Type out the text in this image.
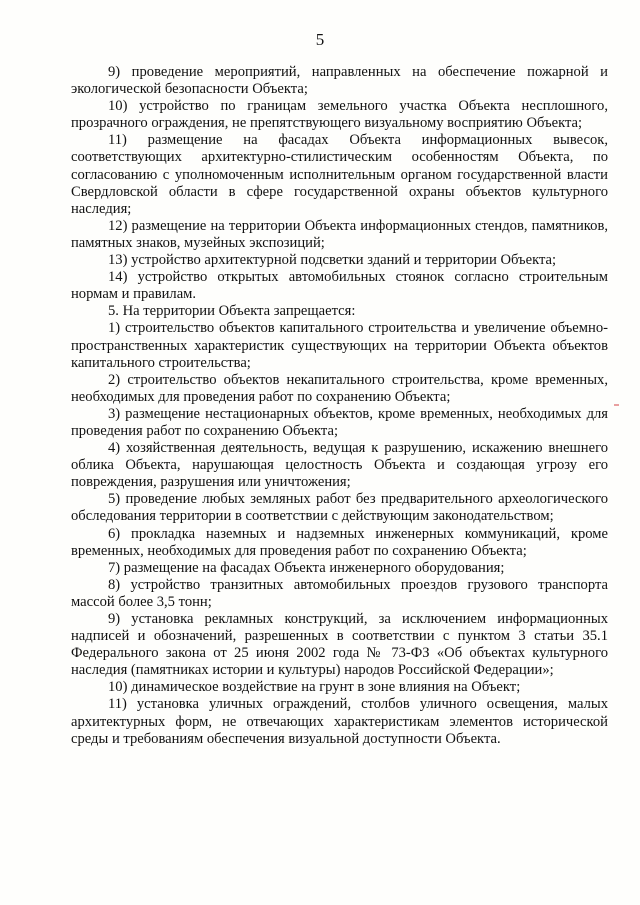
5

9) проведение мероприятий, направленных на обеспечение пожарной и экологической безопасности Объекта;

10) устройство по границам земельного участка Объекта несплошного, прозрачного ограждения, не препятствующего визуальному восприятию Объекта;

11) размещение на фасадах Объекта информационных вывесок, соответствующих архитектурно-стилистическим особенностям Объекта, по согласованию с уполномоченным исполнительным органом государственной власти Свердловской области в сфере государственной охраны объектов культурного наследия;

12) размещение на территории Объекта информационных стендов, памятников, памятных знаков, музейных экспозиций;

13) устройство архитектурной подсветки зданий и территории Объекта;

14) устройство открытых автомобильных стоянок согласно строительным нормам и правилам.

5. На территории Объекта запрещается:

1) строительство объектов капитального строительства и увеличение объемно-пространственных характеристик существующих на территории Объекта объектов капитального строительства;

2) строительство объектов некапитального строительства, кроме временных, необходимых для проведения работ по сохранению Объекта;

3) размещение нестационарных объектов, кроме временных, необходимых для проведения работ по сохранению Объекта;

4) хозяйственная деятельность, ведущая к разрушению, искажению внешнего облика Объекта, нарушающая целостность Объекта и создающая угрозу его повреждения, разрушения или уничтожения;

5) проведение любых земляных работ без предварительного археологического обследования территории в соответствии с действующим законодательством;

6) прокладка наземных и надземных инженерных коммуникаций, кроме временных, необходимых для проведения работ по сохранению Объекта;

7) размещение на фасадах Объекта инженерного оборудования;

8) устройство транзитных автомобильных проездов грузового транспорта массой более 3,5 тонн;

9) установка рекламных конструкций, за исключением информационных надписей и обозначений, разрешенных в соответствии с пунктом 3 статьи 35.1 Федерального закона от 25 июня 2002 года № 73-ФЗ «Об объектах культурного наследия (памятниках истории и культуры) народов Российской Федерации»;

10) динамическое воздействие на грунт в зоне влияния на Объект;

11) установка уличных ограждений, столбов уличного освещения, малых архитектурных форм, не отвечающих характеристикам элементов исторической среды и требованиям обеспечения визуальной доступности Объекта.
